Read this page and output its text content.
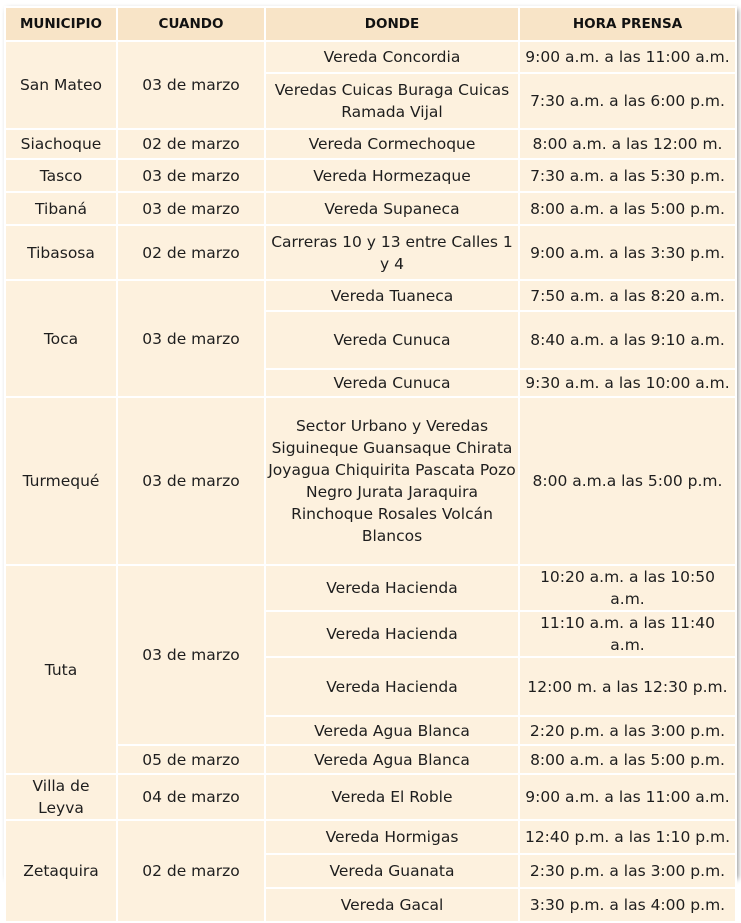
MUNICIPIO	CUANDO	DONDE	HORA PRENSA
San Mateo	03 de marzo	Vereda Concordia	9:00 a.m. a las 11:00 a.m.
		Veredas Cuicas Buraga Cuicas Ramada Vijal	7:30 a.m. a las 6:00 p.m.
Siachoque	02 de marzo	Vereda Cormechoque	8:00 a.m. a las 12:00 m.
Tasco	03 de marzo	Vereda Hormezaque	7:30 a.m. a las 5:30 p.m.
Tibaná	03 de marzo	Vereda Supaneca	8:00 a.m. a las 5:00 p.m.
Tibasosa	02 de marzo	Carreras 10 y 13 entre Calles 1 y 4	9:00 a.m. a las 3:30 p.m.
Toca	03 de marzo	Vereda Tuaneca	7:50 a.m. a las 8:20 a.m.
		Vereda Cunuca	8:40 a.m. a las 9:10 a.m.
		Vereda Cunuca	9:30 a.m. a las 10:00 a.m.
Turmequé	03 de marzo	Sector Urbano y Veredas Siguineque Guansaque Chirata Joyagua Chiquirita Pascata Pozo Negro Jurata Jaraquira Rinchoque Rosales Volcán Blancos	8:00 a.m.a las 5:00 p.m.
Tuta	03 de marzo	Vereda Hacienda	10:20 a.m. a las 10:50 a.m.
		Vereda Hacienda	11:10 a.m. a las 11:40 a.m.
		Vereda Hacienda	12:00 m. a las 12:30 p.m.
		Vereda Agua Blanca	2:20 p.m. a las 3:00 p.m.
	05 de marzo	Vereda Agua Blanca	8:00 a.m. a las 5:00 p.m.
Villa de Leyva	04 de marzo	Vereda El Roble	9:00 a.m. a las 11:00 a.m.
Zetaquira	02 de marzo	Vereda Hormigas	12:40 p.m. a las 1:10 p.m.
		Vereda Guanata	2:30 p.m. a las 3:00 p.m.
		Vereda Gacal	3:30 p.m. a las 4:00 p.m.
